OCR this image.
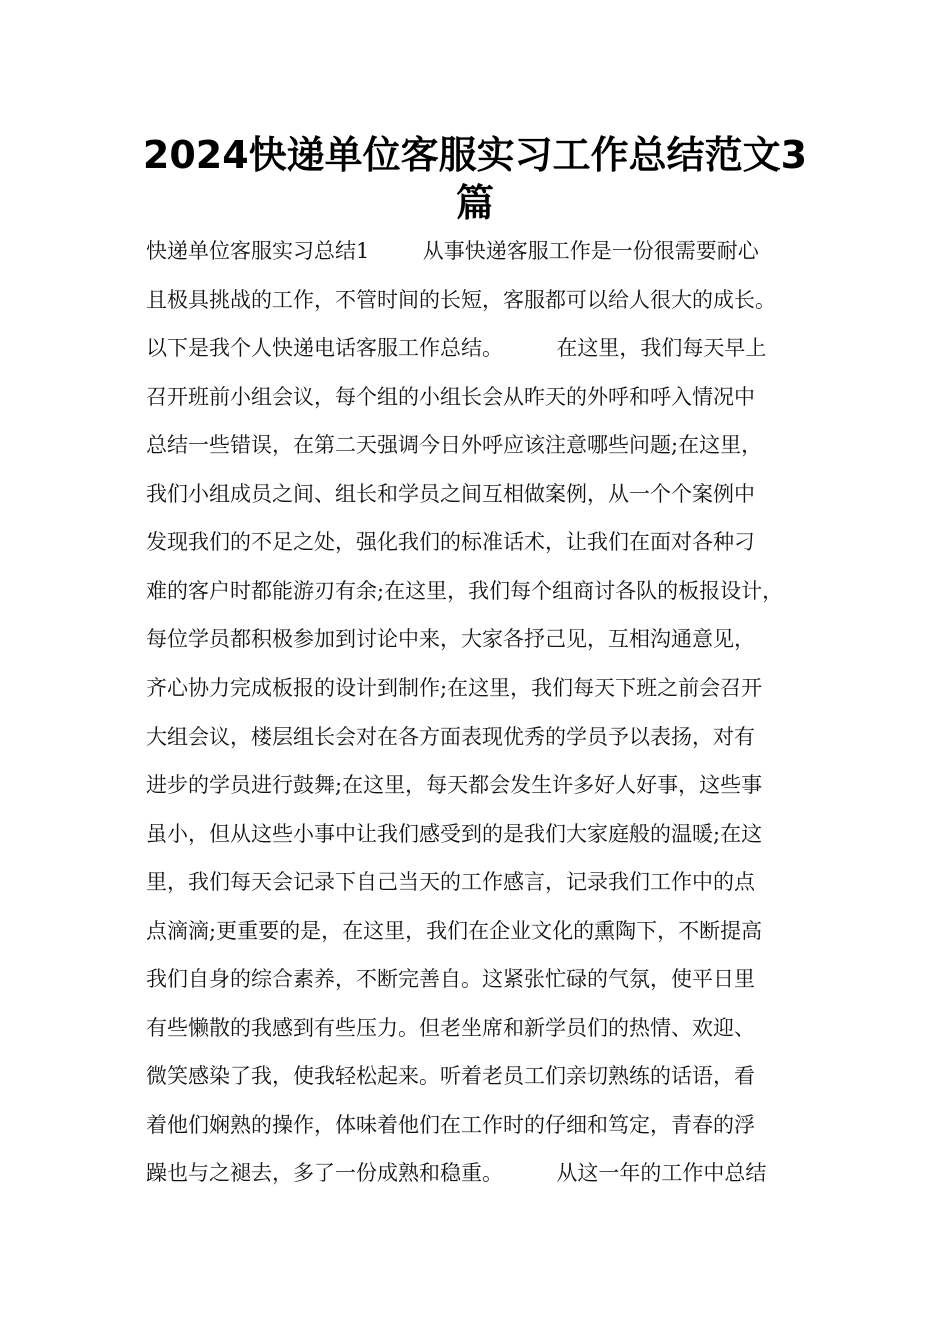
2024快递单位客服实习工作总结范文3
篇
快递单位客服实习总结1        从事快递客服工作是一份很需要耐心
且极具挑战的工作，不管时间的长短，客服都可以给人很大的成长。
以下是我个人快递电话客服工作总结。        在这里，我们每天早上
召开班前小组会议，每个组的小组长会从昨天的外呼和呼入情况中
总结一些错误，在第二天强调今日外呼应该注意哪些问题;在这里，
我们小组成员之间、组长和学员之间互相做案例，从一个个案例中
发现我们的不足之处，强化我们的标准话术，让我们在面对各种刁
难的客户时都能游刃有余;在这里，我们每个组商讨各队的板报设计，
每位学员都积极参加到讨论中来，大家各抒己见，互相沟通意见，
齐心协力完成板报的设计到制作;在这里，我们每天下班之前会召开
大组会议，楼层组长会对在各方面表现优秀的学员予以表扬，对有
进步的学员进行鼓舞;在这里，每天都会发生许多好人好事，这些事
虽小，但从这些小事中让我们感受到的是我们大家庭般的温暖;在这
里，我们每天会记录下自己当天的工作感言，记录我们工作中的点
点滴滴;更重要的是，在这里，我们在企业文化的熏陶下，不断提高
我们自身的综合素养，不断完善自。这紧张忙碌的气氛，使平日里
有些懒散的我感到有些压力。但老坐席和新学员们的热情、欢迎、
微笑感染了我，使我轻松起来。听着老员工们亲切熟练的话语，看
着他们娴熟的操作，体味着他们在工作时的仔细和笃定，青春的浮
躁也与之褪去，多了一份成熟和稳重。        从这一年的工作中总结
